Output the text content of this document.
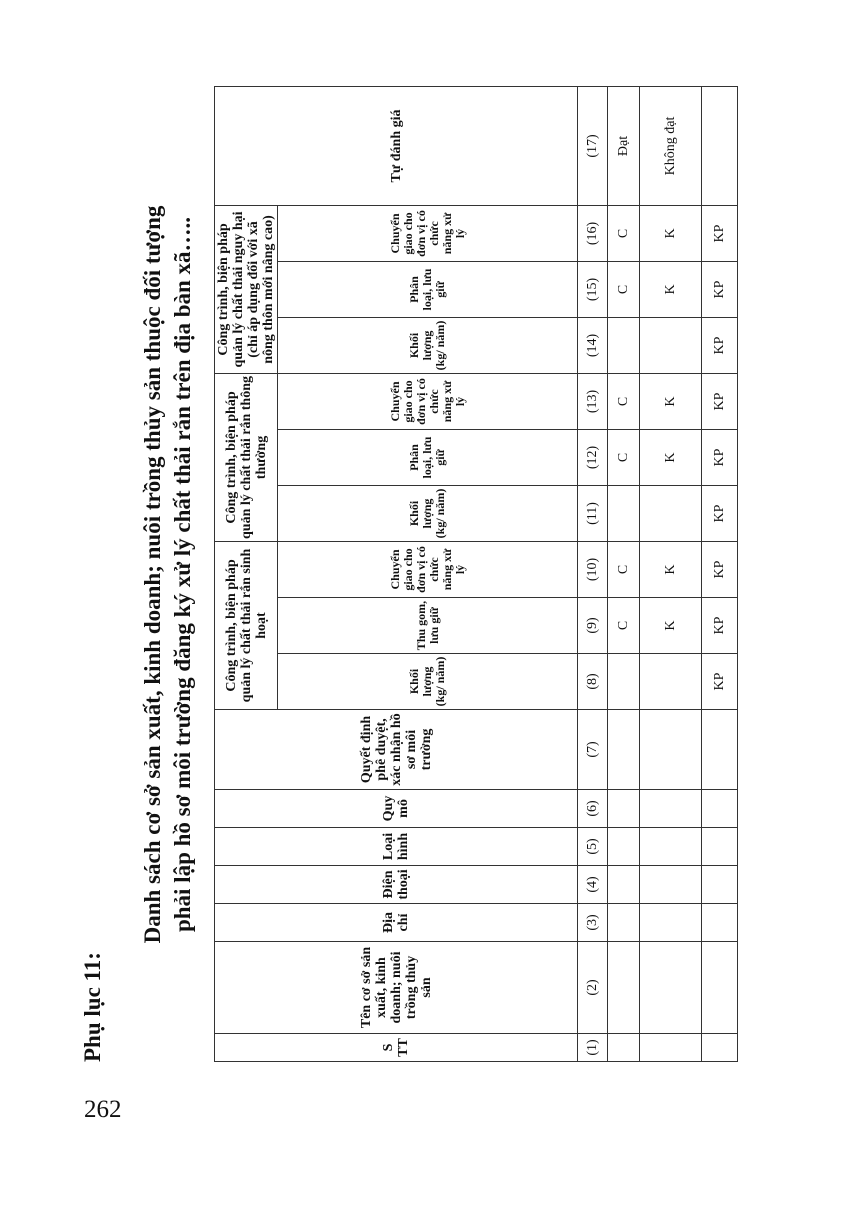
262
Phụ lục 11:
Danh sách cơ sở sản xuất, kinh doanh; nuôi trồng thủy sản thuộc đối tượng phải lập hồ sơ môi trường đăng ký xử lý chất thải rắn trên địa bàn xã…..
S TT	Tên cơ sở sản xuất, kinh doanh; nuôi trồng thủy sản	Địa chỉ	Điện thoại	Loại hình	Quy mô	Quyết định phê duyệt, xác nhận hồ sơ môi trường	Công trình, biện pháp quản lý chất thải rắn sinh hoạt			Công trình, biện pháp quản lý chất thải rắn thông thường			Công trình, biện pháp quản lý chất thải nguy hại (chỉ áp dụng đối với xã nông thôn mới nâng cao)			Tự đánh giá
							Khối lượng (kg/ năm)	Thu gom, lưu giữ	Chuyển giao cho đơn vị có chức năng xử lý	Khối lượng (kg/ năm)	Phân loại, lưu giữ	Chuyển giao cho đơn vị có chức năng xử lý	Khối lượng (kg/ năm)	Phân loại, lưu giữ	Chuyển giao cho đơn vị có chức năng xử lý	
(1)	(2)	(3)	(4)	(5)	(6)	(7)	(8)	(9)	(10)	(11)	(12)	(13)	(14)	(15)	(16)	(17)
								C	C		C	C		C	C	Đạt
								K	K		K	K		K	K	Không đạt
							KP	KP	KP	KP	KP	KP	KP	KP	KP	
